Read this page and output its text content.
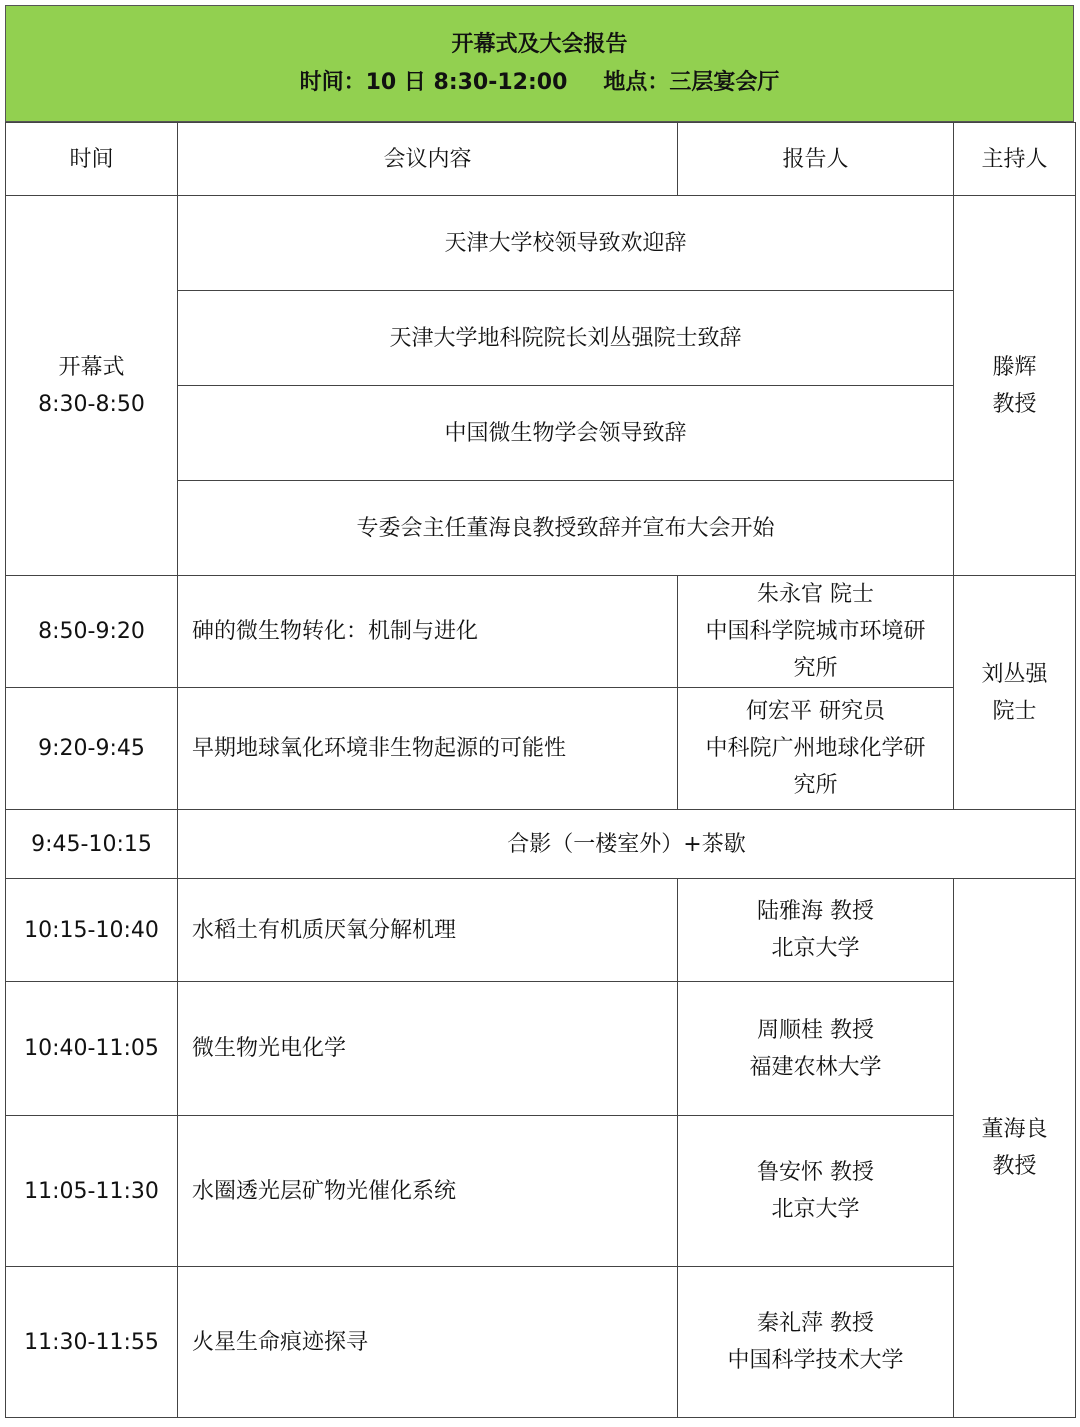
开幕式及大会报告
时间：10 日 8:30-12:00 地点：三层宴会厅
时间	会议内容	报告人	主持人

开幕式
8:30-8:50	天津大学校领导致欢迎辞		滕辉
教授

	天津大学地科院院长刘丛强院士致辞		
	中国微生物学会领导致辞		
	专委会主任董海良教授致辞并宣布大会开始		
8:50-9:20	砷的微生物转化：机制与进化	朱永官 院士
中国科学院城市环境研
究所	刘丛强
院士

9:20-9:45	早期地球氧化环境非生物起源的可能性	何宏平 研究员
中科院广州地球化学研
究所	

9:45-10:15	合影（一楼室外）+茶歇		
10:15-10:40	水稻土有机质厌氧分解机理	陆雅海 教授
北京大学	董海良
教授

10:40-11:05	微生物光电化学	周顺桂 教授
福建农林大学	

11:05-11:30	水圈透光层矿物光催化系统	鲁安怀 教授
北京大学	

11:30-11:55	火星生命痕迹探寻	秦礼萍 教授
中国科学技术大学	
